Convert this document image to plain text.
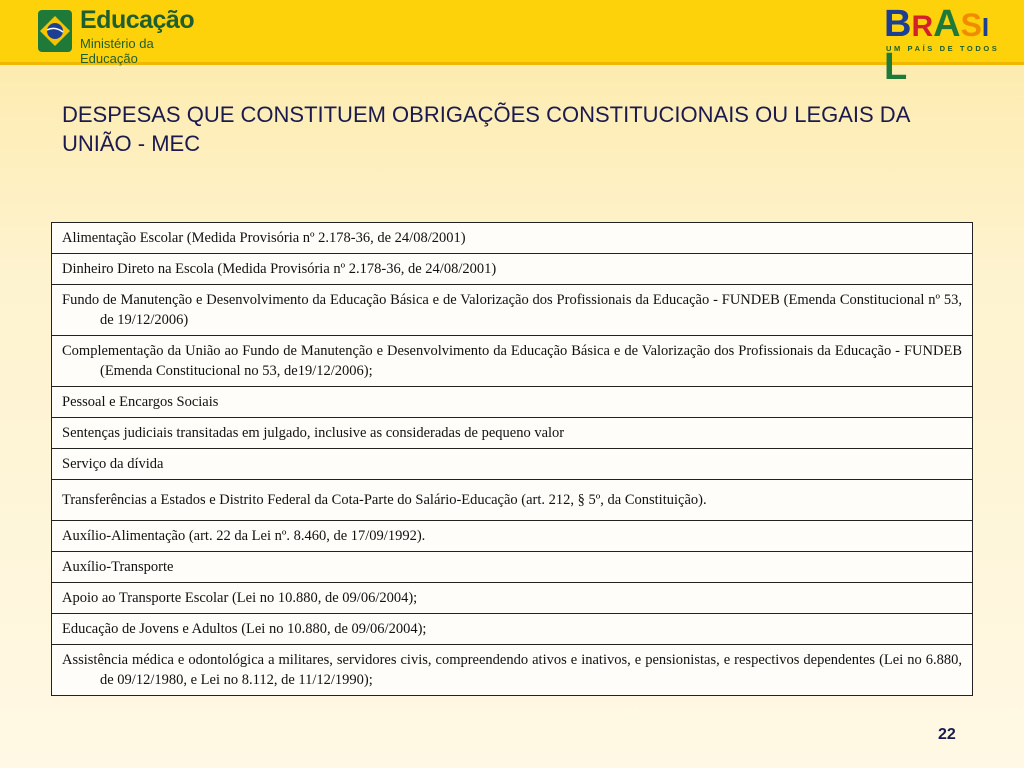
Educação
Ministério da Educação
BRASIL
UM PAÍS DE TODOS
DESPESAS QUE CONSTITUEM OBRIGAÇÕES CONSTITUCIONAIS OU LEGAIS DA UNIÃO - MEC
Alimentação Escolar (Medida Provisória nº 2.178-36, de 24/08/2001)

Dinheiro Direto na Escola (Medida Provisória nº 2.178-36, de 24/08/2001)

Fundo de Manutenção e Desenvolvimento da Educação Básica e de Valorização dos Profissionais da Educação - FUNDEB (Emenda Constitucional nº 53, de 19/12/2006)

Complementação da União ao Fundo de Manutenção e Desenvolvimento da Educação Básica e de Valorização dos Profissionais da Educação - FUNDEB (Emenda Constitucional no 53, de19/12/2006);

Pessoal e Encargos Sociais

Sentenças judiciais transitadas em julgado, inclusive as consideradas de pequeno valor

Serviço da dívida

Transferências a Estados e Distrito Federal da Cota-Parte do Salário-Educação (art. 212, § 5º, da Constituição).

Auxílio-Alimentação (art. 22 da Lei nº. 8.460, de 17/09/1992).

Auxílio-Transporte

Apoio ao Transporte Escolar (Lei no 10.880, de 09/06/2004);

Educação de Jovens e Adultos (Lei no 10.880, de 09/06/2004);

Assistência médica e odontológica a militares, servidores civis, compreendendo ativos e inativos, e pensionistas, e respectivos dependentes (Lei no 6.880, de 09/12/1980, e Lei no 8.112, de 11/12/1990);
22
